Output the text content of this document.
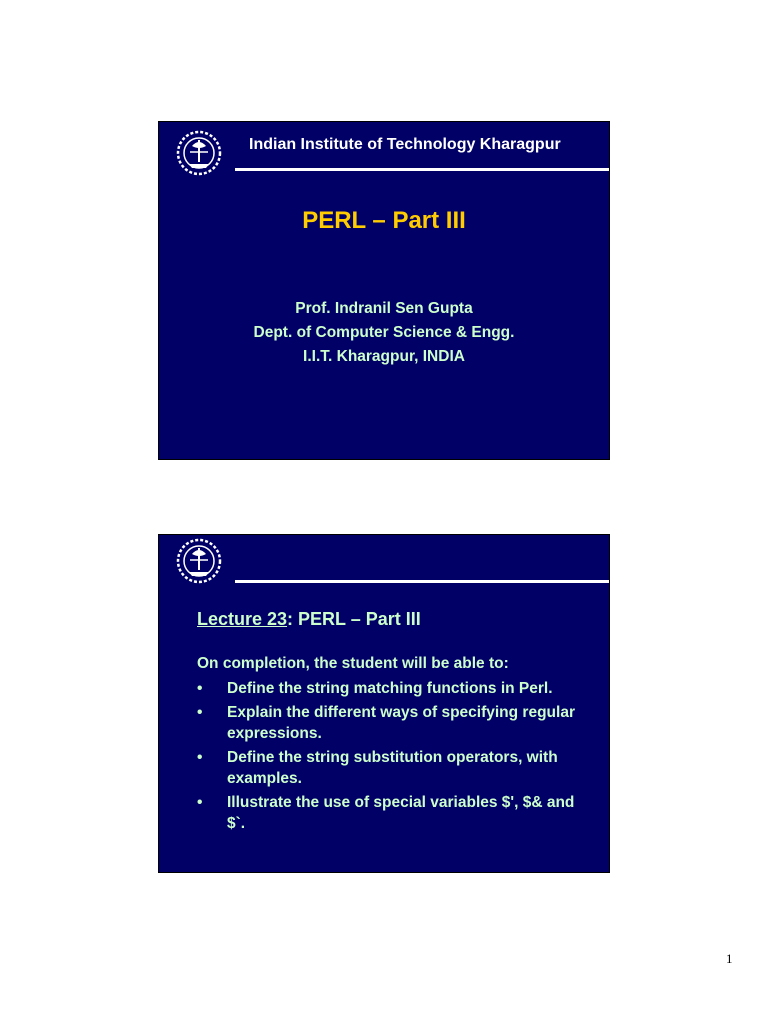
Indian Institute of Technology Kharagpur
PERL – Part III
Prof. Indranil Sen Gupta
Dept. of Computer Science & Engg.
I.I.T. Kharagpur, INDIA
Lecture 23: PERL – Part III
On completion, the student will be able to:
• Define the string matching functions in Perl.
• Explain the different ways of specifying regular expressions.
• Define the string substitution operators, with examples.
• Illustrate the use of special variables $', $& and $`.
1
